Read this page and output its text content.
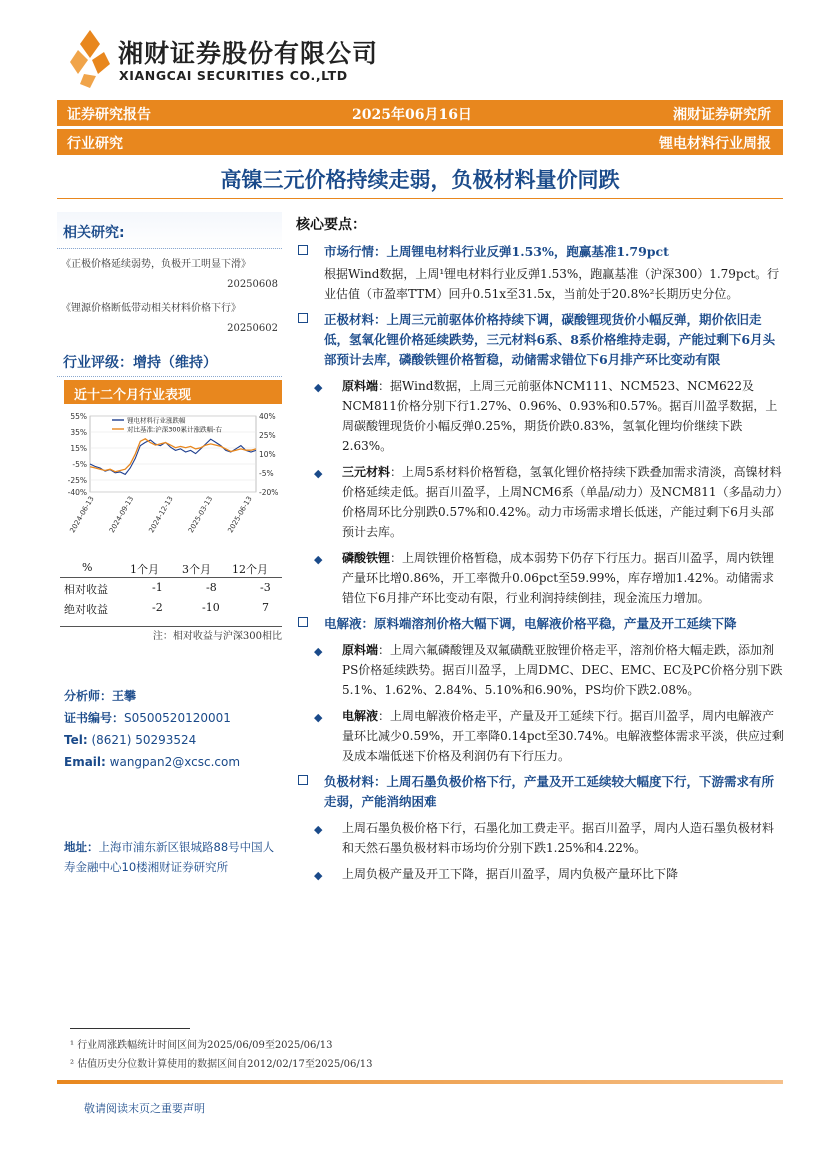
湘财证券股份有限公司
XIANGCAI SECURITIES CO.,LTD
证券研究报告	2025年06月16日	湘财证券研究所
行业研究	锂电材料行业周报
高镍三元价格持续走弱，负极材料量价同跌
相关研究:
《正极价格延续弱势，负极开工明显下滑》
20250608
《锂源价格断低带动相关材料价格下行》
20250602
行业评级：增持（维持）
近十二个月行业表现
55%
35%
15%
-5%
-25%
-40%
40%
25%
10%
-5%
-20%
2024-06-13 2024-09-13 2024-12-13 2025-03-13 2025-06-13
锂电材料行业涨跌幅
对比基准:沪深300累计涨跌幅-右
%	1个月 3个月 12个月
相对收益	-1	-8	-3
绝对收益	-2	-10	7
注：相对收益与沪深300相比
分析师：王攀
证书编号：S0500520120001
Tel: (8621) 50293524
Email: wangpan2@xcsc.com
地址：上海市浦东新区银城路88号中国人寿金融中心10楼湘财证券研究所
核心要点：
市场行情：上周锂电材料行业反弹1.53%，跑赢基准1.79pct
根据Wind数据，上周¹锂电材料行业反弹1.53%，跑赢基准（沪深300）1.79pct。行业估值（市盈率TTM）回升0.51x至31.5x，当前处于20.8%²长期历史分位。
正极材料：上周三元前驱体价格持续下调，碳酸锂现货价小幅反弹，期价依旧走低，氢氧化锂价格延续跌势，三元材料6系、8系价格维持走弱，产能过剩下6月头部预计去库，磷酸铁锂价格暂稳，动储需求错位下6月排产环比变动有限
◆ 原料端：据Wind数据，上周三元前驱体NCM111、NCM523、NCM622及NCM811价格分别下行1.27%、0.96%、0.93%和0.57%。据百川盈孚数据，上周碳酸锂现货价小幅反弹0.25%，期货价跌0.83%，氢氧化锂均价继续下跌2.63%。
◆ 三元材料：上周5系材料价格暂稳，氢氧化锂价格持续下跌叠加需求清淡，高镍材料价格延续走低。据百川盈孚，上周NCM6系（单晶/动力）及NCM811（多晶动力）价格周环比分别跌0.57%和0.42%。动力市场需求增长低迷，产能过剩下6月头部预计去库。
◆ 磷酸铁锂：上周铁锂价格暂稳，成本弱势下仍存下行压力。据百川盈孚，周内铁锂产量环比增0.86%，开工率微升0.06pct至59.99%，库存增加1.42%。动储需求错位下6月排产环比变动有限，行业利润持续倒挂，现金流压力增加。
电解液：原料端溶剂价格大幅下调，电解液价格平稳，产量及开工延续下降
◆ 原料端：上周六氟磷酸锂及双氟磺酰亚胺锂价格走平，溶剂价格大幅走跌，添加剂PS价格延续跌势。据百川盈孚，上周DMC、DEC、EMC、EC及PC价格分别下跌5.1%、1.62%、2.84%、5.10%和6.90%，PS均价下跌2.08%。
◆ 电解液：上周电解液价格走平，产量及开工延续下行。据百川盈孚，周内电解液产量环比减少0.59%，开工率降0.14pct至30.74%。电解液整体需求平淡，供应过剩及成本端低迷下价格及利润仍有下行压力。
负极材料：上周石墨负极价格下行，产量及开工延续较大幅度下行，下游需求有所走弱，产能消纳困难
◆ 上周石墨负极价格下行，石墨化加工费走平。据百川盈孚，周内人造石墨负极材料和天然石墨负极材料市场均价分别下跌1.25%和4.22%。
◆ 上周负极产量及开工下降，据百川盈孚，周内负极产量环比下降
¹ 行业周涨跌幅统计时间区间为2025/06/09至2025/06/13
² 估值历史分位数计算使用的数据区间自2012/02/17至2025/06/13
敬请阅读末页之重要声明
